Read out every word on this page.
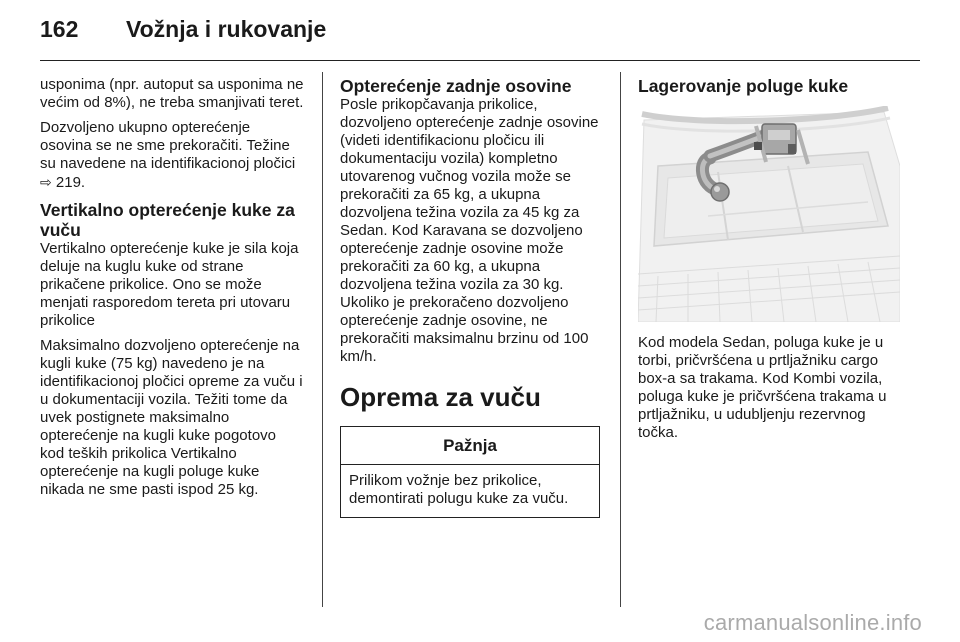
162 Vožnja i rukovanje

usponima (npr. autoput sa usponima ne većim od 8%), ne treba smanjivati teret.

Dozvoljeno ukupno opterećenje osovina se ne sme prekoračiti. Težine su navedene na identifikacionoj pločici ⇨ 219.

Vertikalno opterećenje kuke za vuču

Vertikalno opterećenje kuke je sila koja deluje na kuglu kuke od strane prikačene prikolice. Ono se može menjati rasporedom tereta pri utovaru prikolice

Maksimalno dozvoljeno opterećenje na kugli kuke (75 kg) navedeno je na identifikacionoj pločici opreme za vuču i u dokumentaciji vozila. Težiti tome da uvek postignete maksimalno opterećenje na kugli kuke pogotovo kod teških prikolica Vertikalno opterećenje na kugli poluge kuke nikada ne sme pasti ispod 25 kg.

Opterećenje zadnje osovine

Posle prikopčavanja prikolice, dozvoljeno opterećenje zadnje osovine (videti identifikacionu pločicu ili dokumentaciju vozila) kompletno utovarenog vučnog vozila može se prekoračiti za 65 kg, a ukupna dozvoljena težina vozila za 45 kg za Sedan. Kod Karavana se dozvoljeno opterećenje zadnje osovine može prekoračiti za 60 kg, a ukupna dozvoljena težina vozila za 30 kg. Ukoliko je prekoračeno dozvoljeno opterećenje zadnje osovine, ne prekoračiti maksimalnu brzinu od 100 km/h.

Oprema za vuču
Pažnja
Prilikom vožnje bez prikolice, demontirati polugu kuke za vuču.
Lagerovanje poluge kuke

Kod modela Sedan, poluga kuke je u torbi, pričvršćena u prtljažniku cargo box-a sa trakama. Kod Kombi vozila, poluga kuke je pričvršćena trakama u prtljažniku, u udubljenju rezervnog točka.

carmanualsonline.info
